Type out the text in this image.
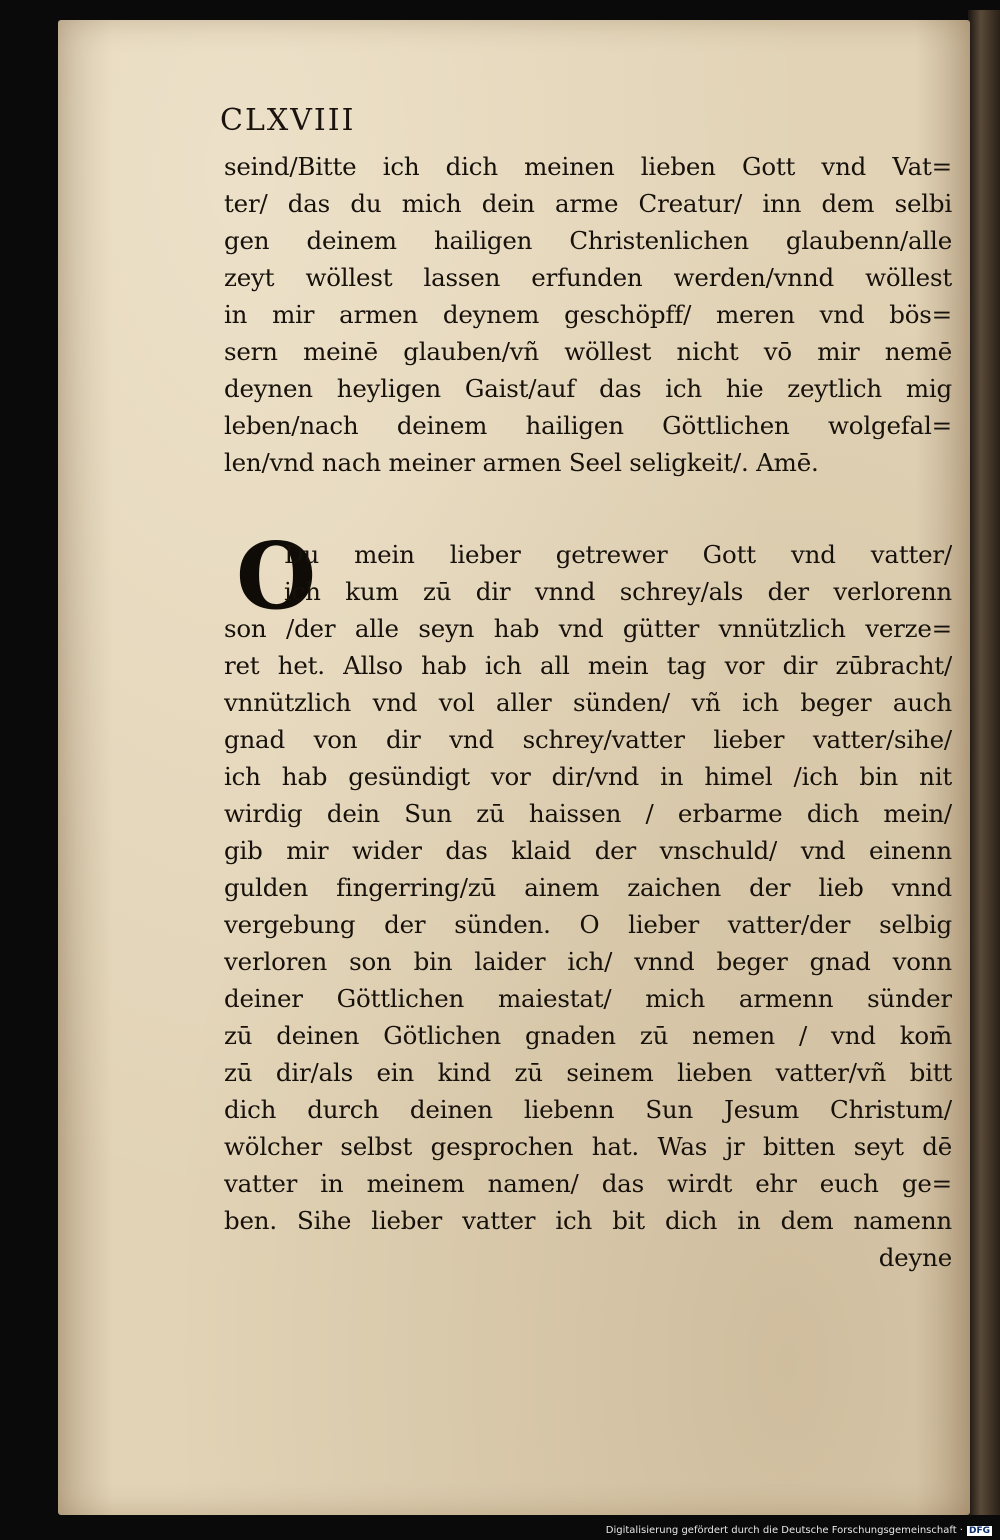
CLXVIII
seind/Bitte ich dich meinen lieben Gott vnd Vat=
ter/ das du mich dein arme Creatur/ inn dem selbi
gen deinem hailigen Christenlichen glaubenn/alle
zeyt wöllest lassen erfunden werden/vnnd wöllest
in mir armen deynem geschöpff/ meren vnd bös=
sern meinē glauben/vñ wöllest nicht vō mir nemē
deynen heyligen Gaist/auf das ich hie zeytlich mig
leben/nach deinem hailigen Göttlichen wolgefal=
len/vnd nach meiner armen Seel seligkeit/. Amē.
O
Du mein lieber getrewer Gott vnd vatter/
ich kum zū dir vnnd schrey/als der verlorenn
son /der alle seyn hab vnd gütter vnnützlich verze=
ret het. Allso hab ich all mein tag vor dir zūbracht/
vnnützlich vnd vol aller sünden/ vñ ich beger auch
gnad von dir vnd schrey/vatter lieber vatter/sihe/
ich hab gesündigt vor dir/vnd in himel /ich bin nit
wirdig dein Sun zū haissen / erbarme dich mein/
gib mir wider das klaid der vnschuld/ vnd einenn
gulden fingerring/zū ainem zaichen der lieb vnnd
vergebung der sünden. O lieber vatter/der selbig
verloren son bin laider ich/ vnnd beger gnad vonn
deiner Göttlichen maiestat/ mich armenn sünder
zū deinen Götlichen gnaden zū nemen / vnd kom̄
zū dir/als ein kind zū seinem lieben vatter/vñ bitt
dich durch deinen liebenn Sun Jesum Christum/
wölcher selbst gesprochen hat. Was jr bitten seyt dē
vatter in meinem namen/ das wirdt ehr euch ge=
ben. Sihe lieber vatter ich bit dich in dem namenn
deyne
Digitalisierung gefördert durch die Deutsche Forschungsgemeinschaft · DFG
